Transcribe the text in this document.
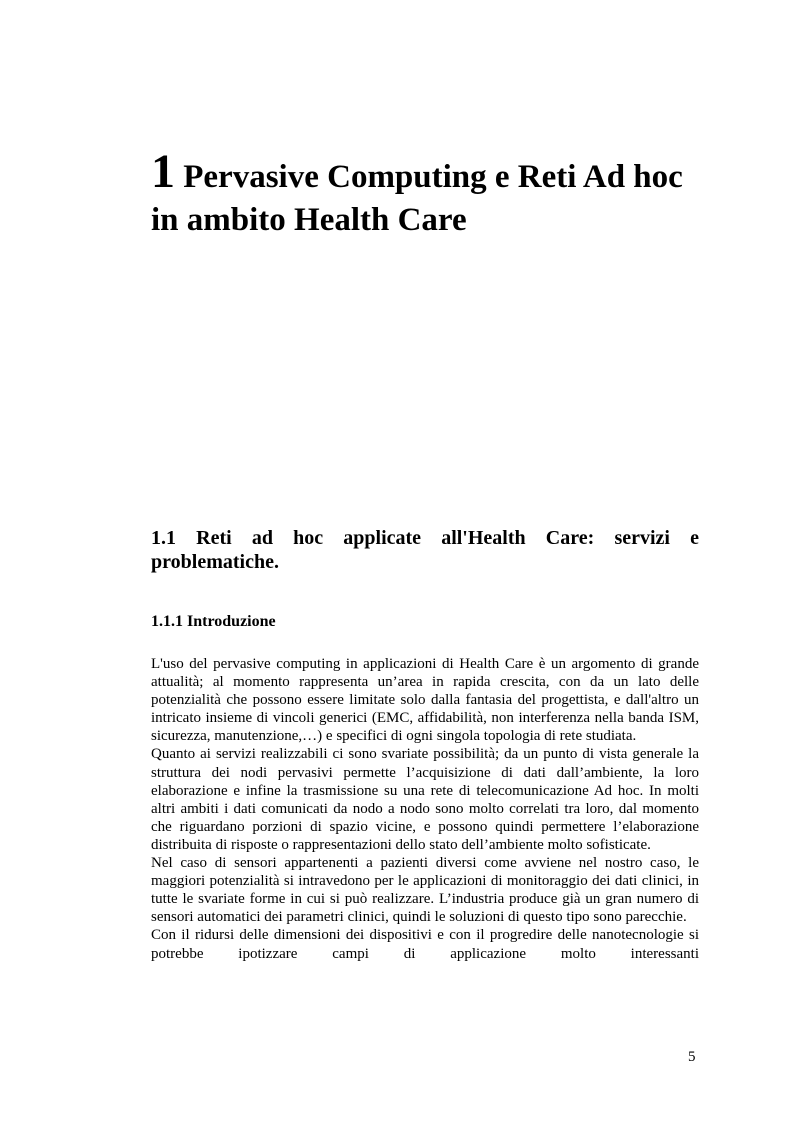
1 Pervasive Computing e Reti Ad hoc in ambito Health Care
1.1 Reti ad hoc applicate all'Health Care: servizi e problematiche.
1.1.1 Introduzione

L'uso del pervasive computing in applicazioni di Health Care è un argomento di grande attualità; al momento rappresenta un’area in rapida crescita, con da un lato delle potenzialità che possono essere limitate solo dalla fantasia del progettista, e dall'altro un intricato insieme di vincoli generici (EMC, affidabilità, non interferenza nella banda ISM, sicurezza, manutenzione,…) e specifici di ogni singola topologia di rete studiata.

Quanto ai servizi realizzabili ci sono svariate possibilità; da un punto di vista generale la struttura dei nodi pervasivi permette l’acquisizione di dati dall’ambiente, la loro elaborazione e infine la trasmissione su una rete di telecomunicazione Ad hoc. In molti altri ambiti i dati comunicati da nodo a nodo sono molto correlati tra loro, dal momento che riguardano porzioni di spazio vicine, e possono quindi permettere l’elaborazione distribuita di risposte o rappresentazioni dello stato dell’ambiente molto sofisticate.

Nel caso di sensori appartenenti a pazienti diversi come avviene nel nostro caso, le maggiori potenzialità si intravedono per le applicazioni di monitoraggio dei dati clinici, in tutte le svariate forme in cui si può realizzare. L’industria produce già un gran numero di sensori automatici dei parametri clinici, quindi le soluzioni di questo tipo sono parecchie.

Con il ridursi delle dimensioni dei dispositivi e con il progredire delle nanotecnologie si potrebbe ipotizzare campi di applicazione molto interessanti

5
